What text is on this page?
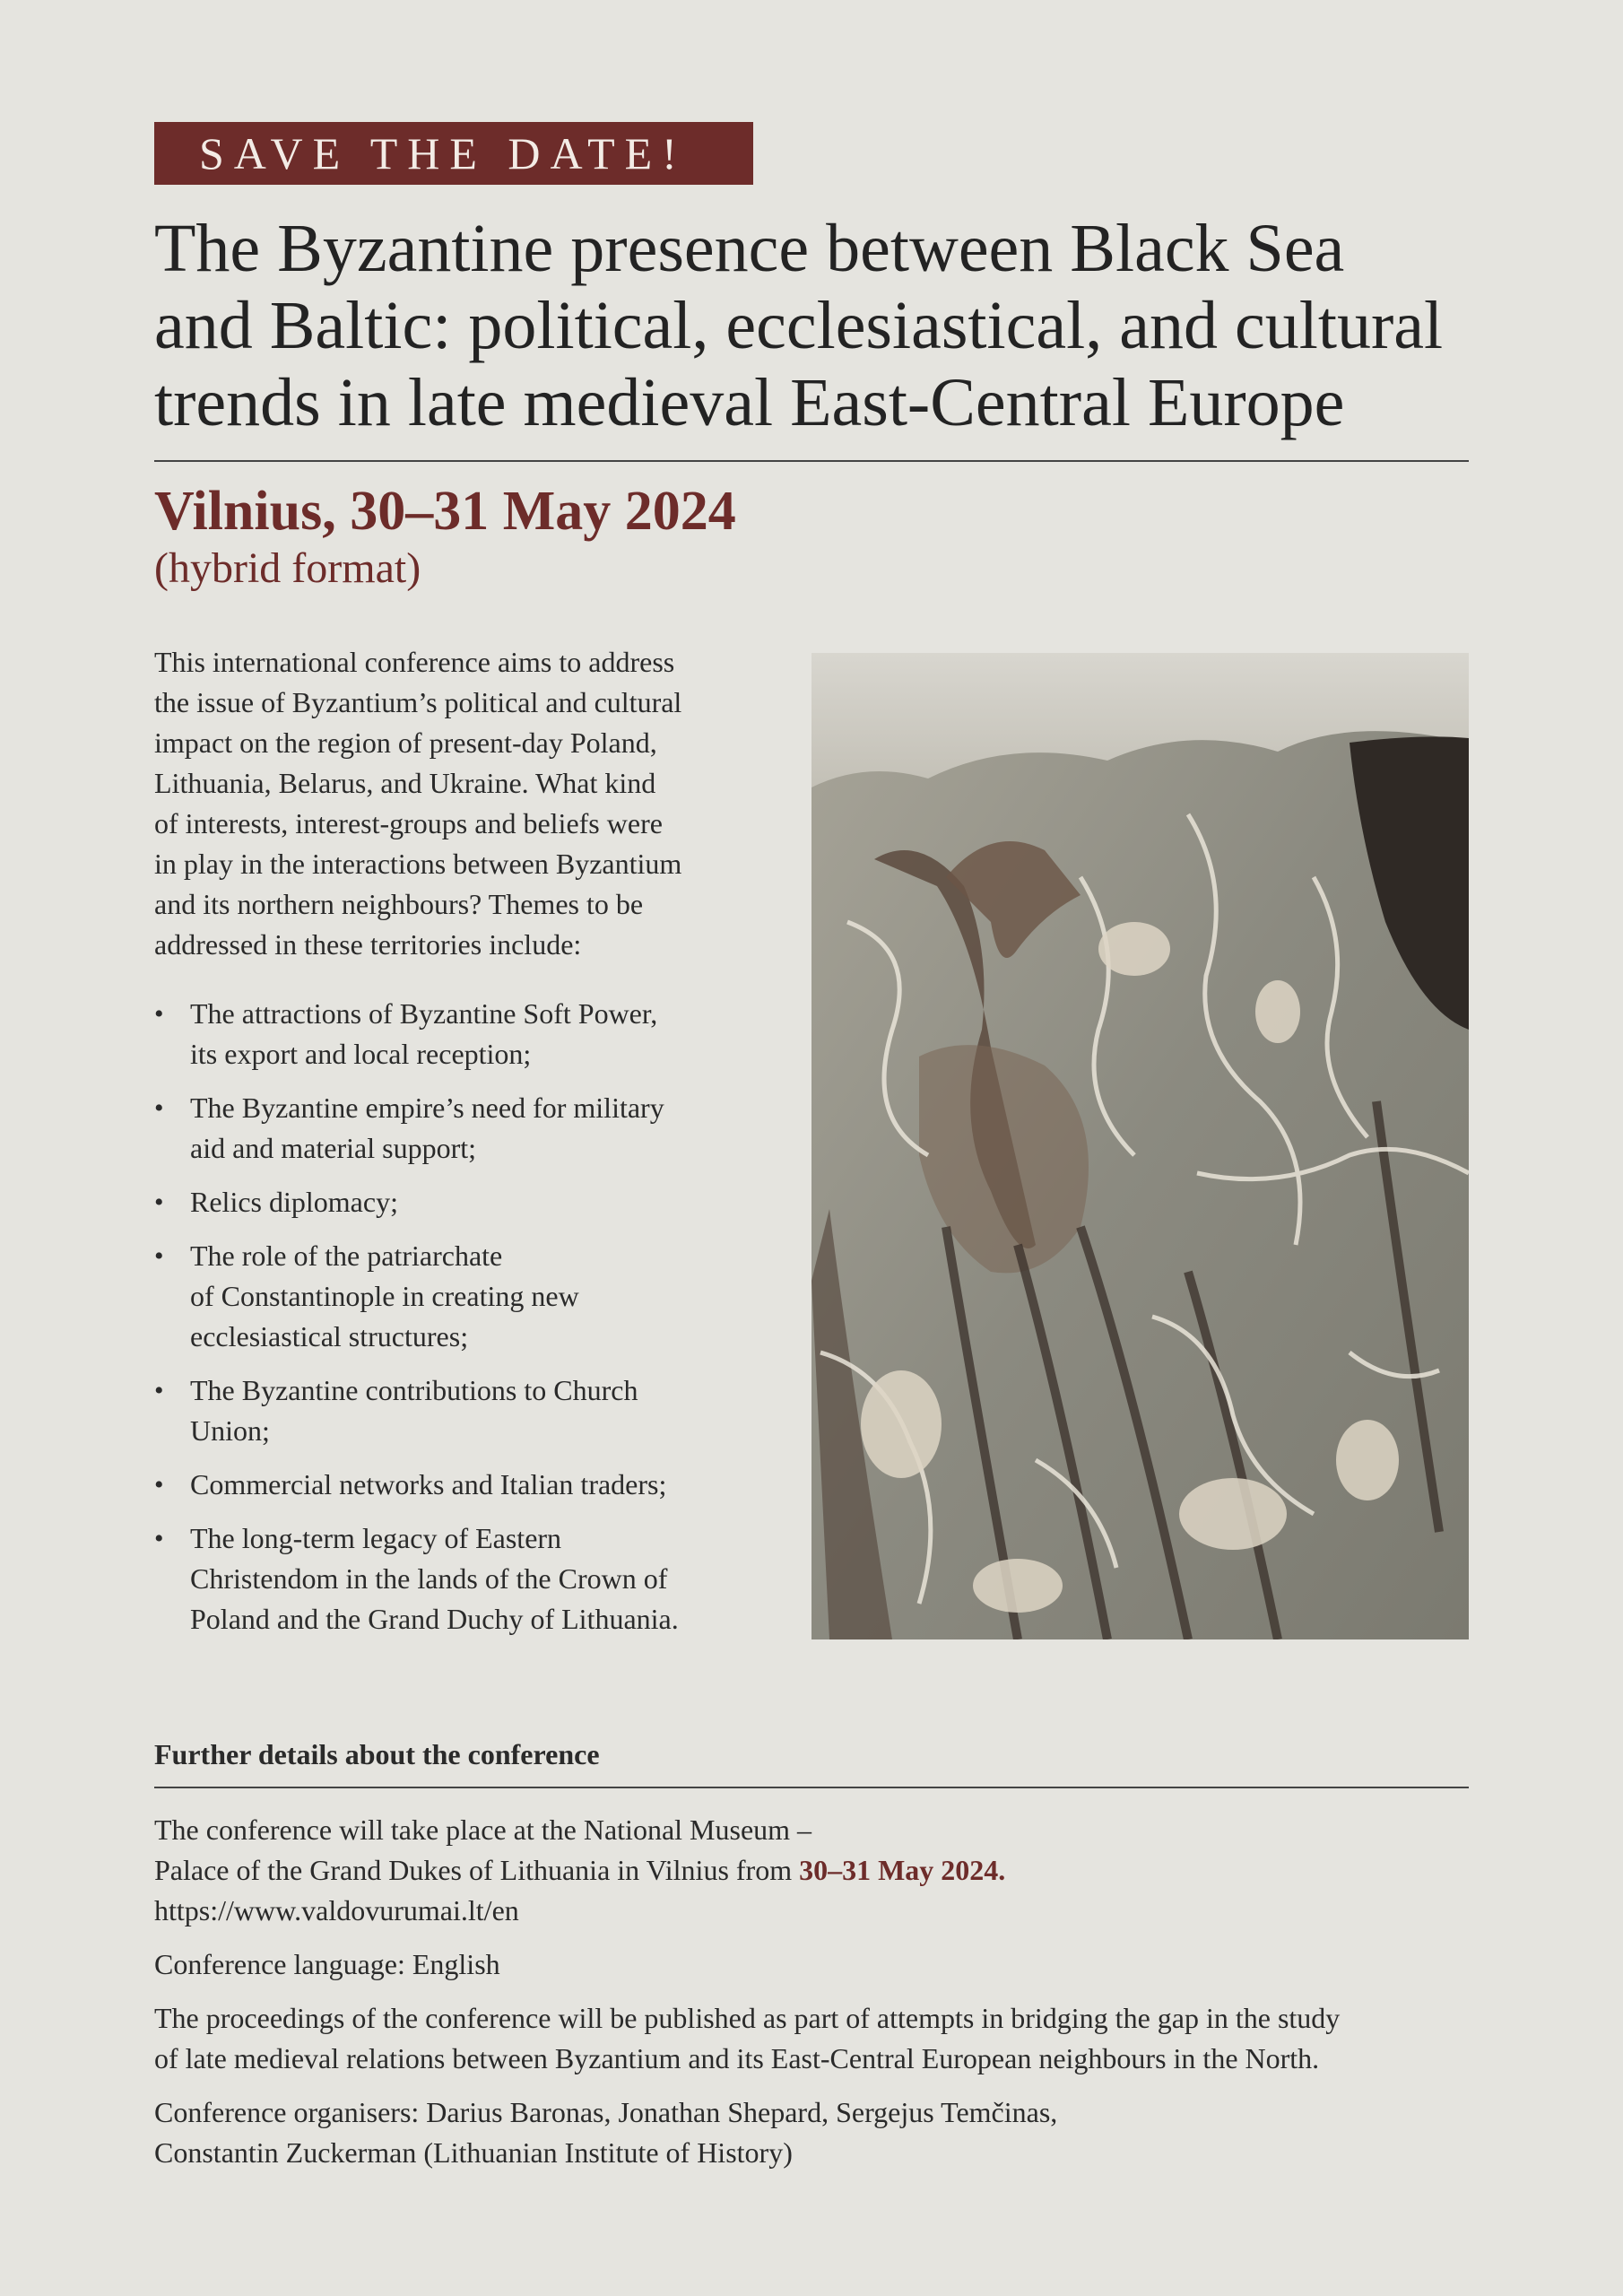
SAVE THE DATE!
The Byzantine presence between Black Sea
and Baltic: political, ecclesiastical, and cultural
trends in late medieval East-Central Europe
Vilnius, 30–31 May 2024
(hybrid format)

This international conference aims to address
the issue of Byzantium’s political and cultural
impact on the region of present-day Poland,
Lithuania, Belarus, and Ukraine. What kind
of interests, interest-groups and beliefs were
in play in the interactions between Byzantium
and its northern neighbours? Themes to be
addressed in these territories include:

• The attractions of Byzantine Soft Power,
its export and local reception;
• The Byzantine empire’s need for military
aid and material support;
• Relics diplomacy;
• The role of the patriarchate
of Constantinople in creating new
ecclesiastical structures;
• The Byzantine contributions to Church
Union;
• Commercial networks and Italian traders;
• The long-term legacy of Eastern
Christendom in the lands of the Crown of
Poland and the Grand Duchy of Lithuania.
Further details about the conference

The conference will take place at the National Museum –
Palace of the Grand Dukes of Lithuania in Vilnius from 30–31 May 2024.
https://www.valdovurumai.lt/en

Conference language: English

The proceedings of the conference will be published as part of attempts in bridging the gap in the study
of late medieval relations between Byzantium and its East-Central European neighbours in the North.

Conference organisers: Darius Baronas, Jonathan Shepard, Sergejus Temčinas,
Constantin Zuckerman (Lithuanian Institute of History)
